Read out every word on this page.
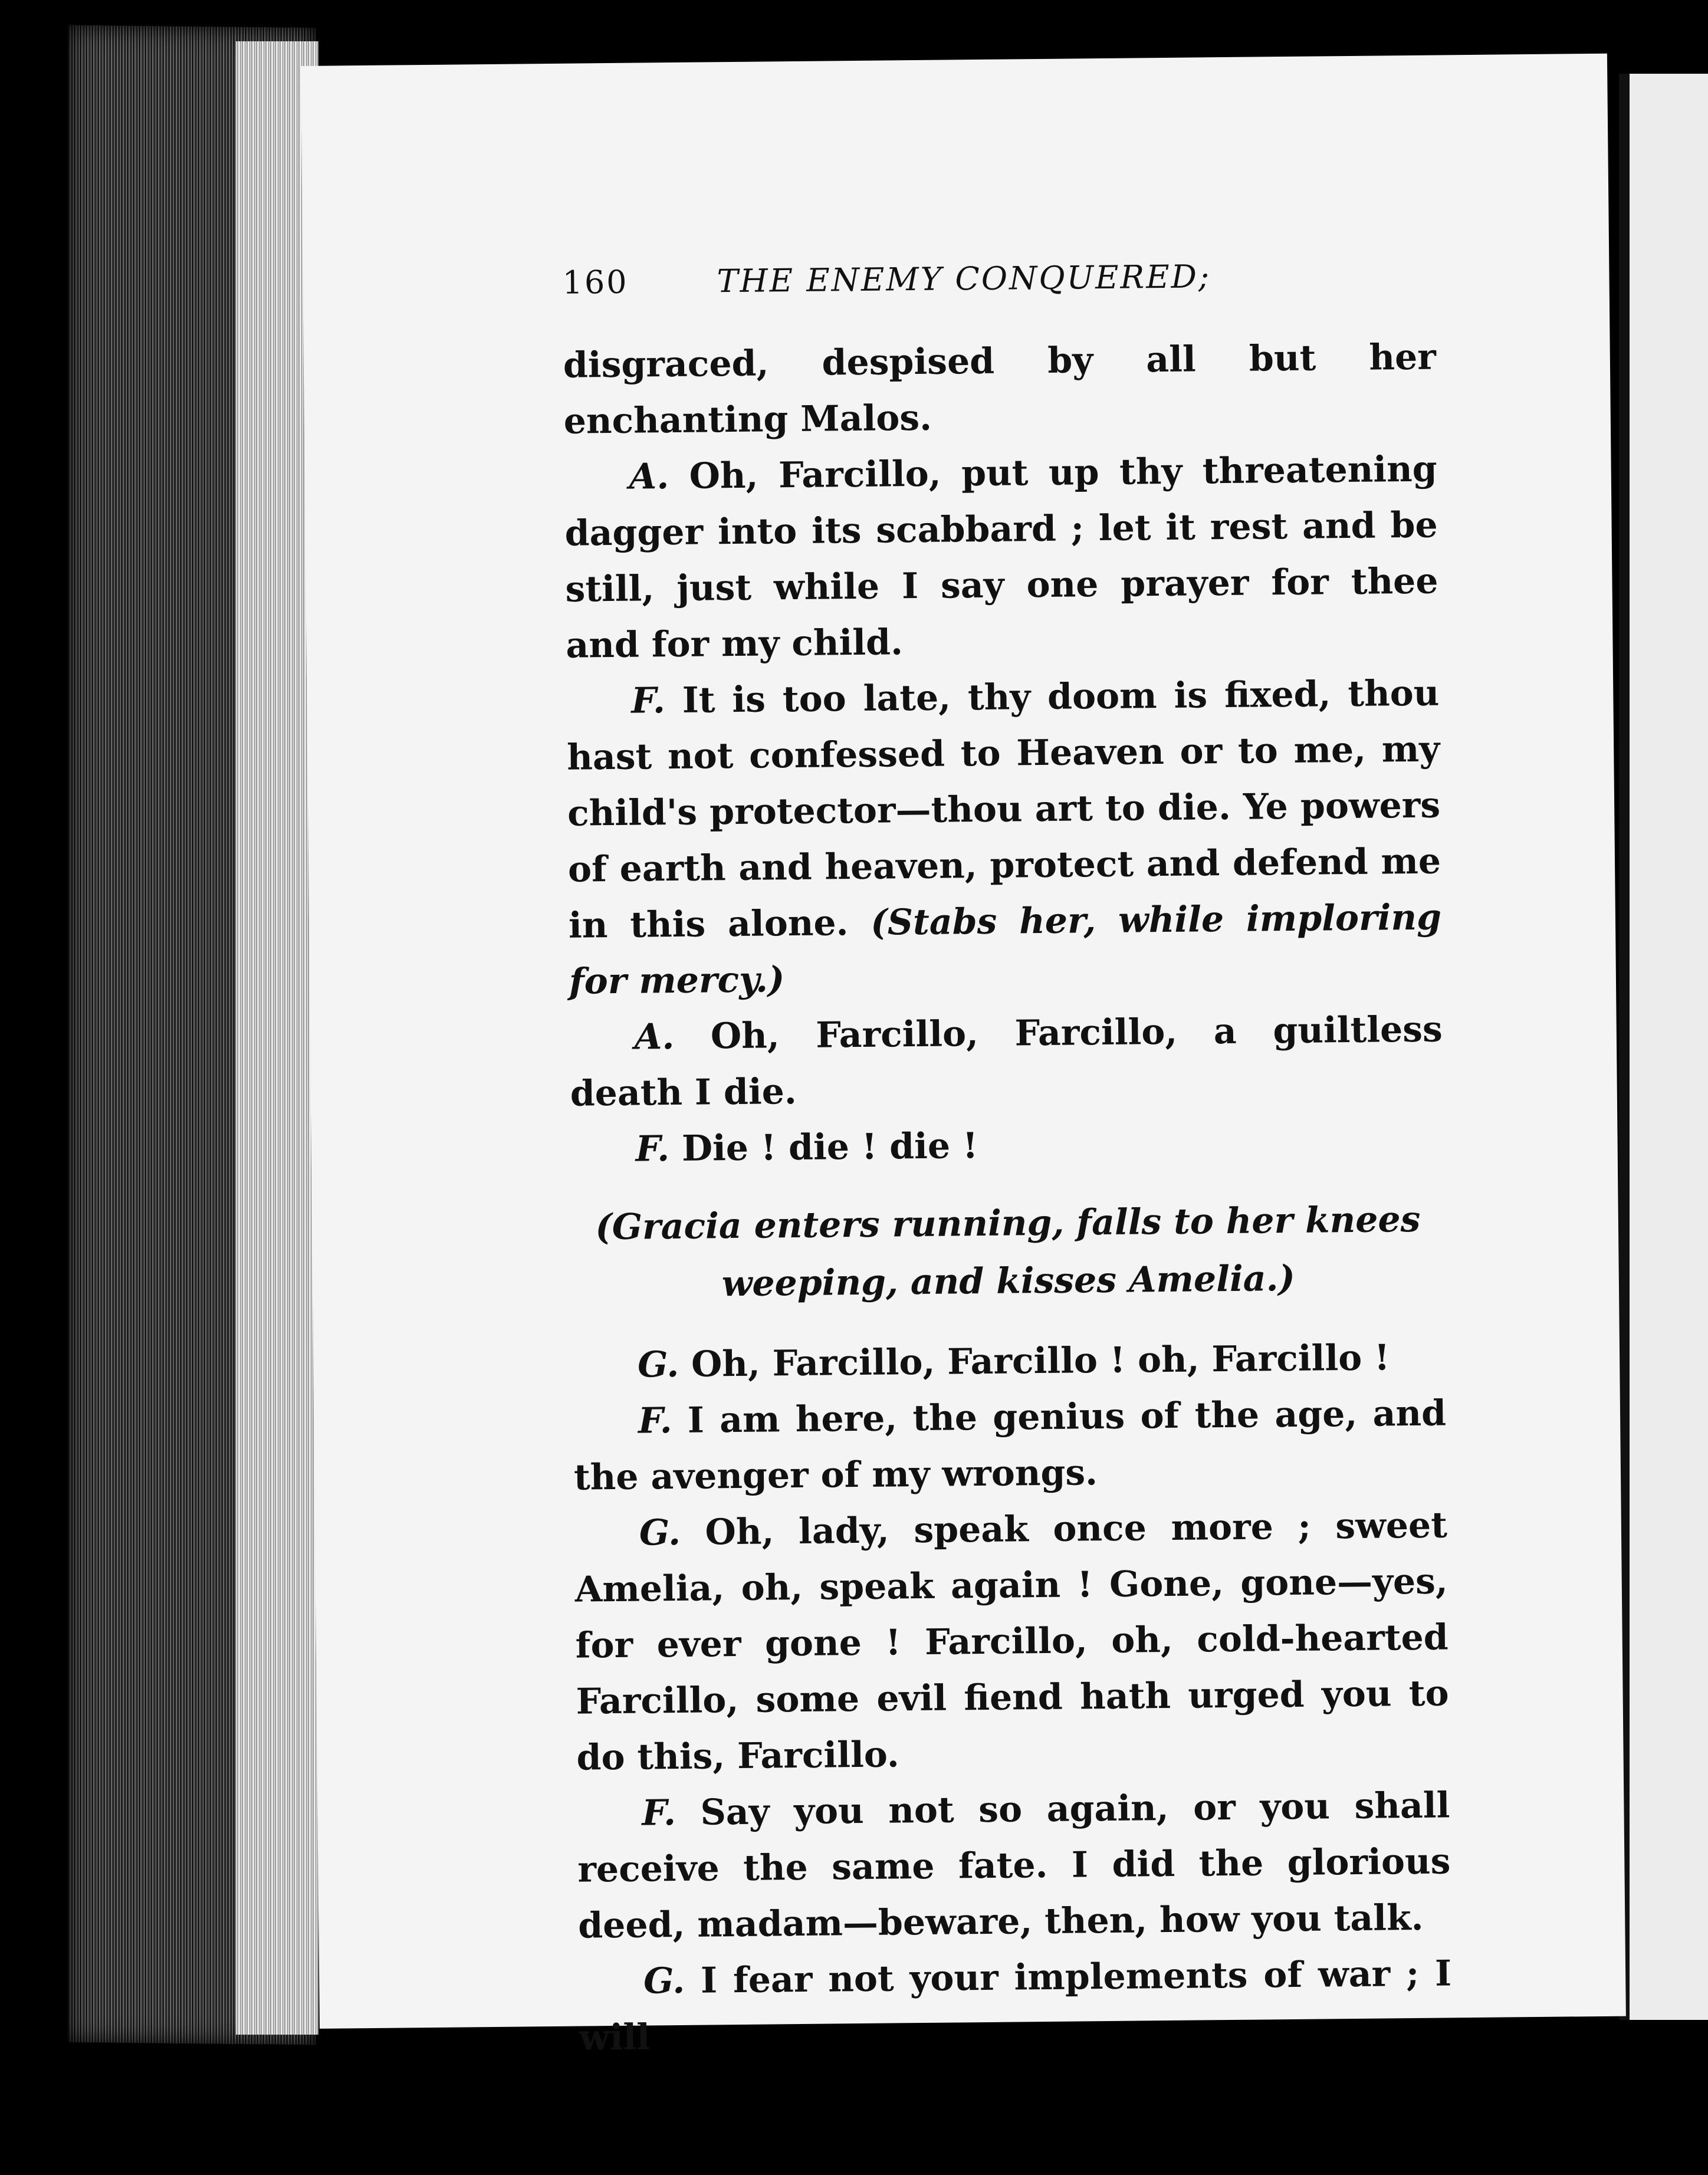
160	THE ENEMY CONQUERED;

disgraced, despised by all but her enchanting Malos.

A. Oh, Farcillo, put up thy threatening dagger into its scabbard ; let it rest and be still, just while I say one prayer for thee and for my child.

F. It is too late, thy doom is fixed, thou hast not confessed to Heaven or to me, my child's protector—thou art to die. Ye powers of earth and heaven, protect and defend me in this alone. (Stabs her, while imploring for mercy.)

A. Oh, Farcillo, Farcillo, a guiltless death I die.

F. Die ! die ! die !

(Gracia enters running, falls to her knees
weeping, and kisses Amelia.)

G. Oh, Farcillo, Farcillo ! oh, Farcillo !

F. I am here, the genius of the age, and the avenger of my wrongs.

G. Oh, lady, speak once more ; sweet Amelia, oh, speak again ! Gone, gone—yes, for ever gone ! Farcillo, oh, cold-hearted Farcillo, some evil fiend hath urged you to do this, Farcillo.

F. Say you not so again, or you shall receive the same fate. I did the glorious deed, madam—beware, then, how you talk.

G. I fear not your implements of war ; I will
